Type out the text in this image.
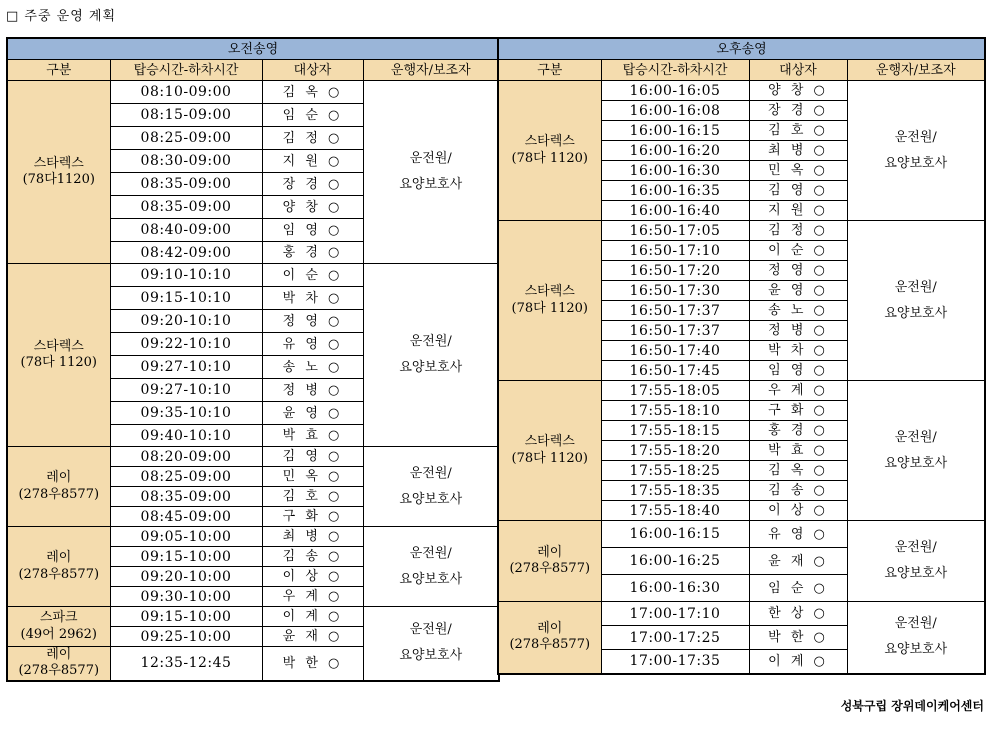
□ 주중 운영 계획
오전송영			
구분	탑승시간-하차시간	대상자	운행자/보조자

스타렉스
(78다1120)	08:10-09:00	김 옥 ○	운전원/
요양보호사

	08:15-09:00	임 순 ○	
	08:25-09:00	김 정 ○	
	08:30-09:00	지 원 ○	
	08:35-09:00	장 경 ○	
	08:35-09:00	양 창 ○	
	08:40-09:00	임 영 ○	
	08:42-09:00	홍 경 ○	

스타렉스
(78다 1120)	09:10-10:10	이 순 ○	운전원/
요양보호사

	09:15-10:10	박 차 ○	
	09:20-10:10	정 영 ○	
	09:22-10:10	유 영 ○	
	09:27-10:10	송 노 ○	
	09:27-10:10	정 병 ○	
	09:35-10:10	윤 영 ○	
	09:40-10:10	박 효 ○	

레이
(278우8577)	08:20-09:00	김 영 ○	운전원/
요양보호사

	08:25-09:00	민 옥 ○	
	08:35-09:00	김 호 ○	
	08:45-09:00	구 화 ○	

레이
(278우8577)	09:05-10:00	최 병 ○	운전원/
요양보호사

	09:15-10:00	김 송 ○	
	09:20-10:00	이 상 ○	
	09:30-10:00	우 계 ○	

스파크
(49어 2962)	09:15-10:00	이 계 ○	운전원/
요양보호사

	09:25-10:00	윤 재 ○	

레이
(278우8577)	12:35-12:45	박 한 ○	
오후송영			
구분	탑승시간-하차시간	대상자	운행자/보조자

스타렉스
(78다 1120)	16:00-16:05	양 창 ○	운전원/
요양보호사

	16:00-16:08	장 경 ○	
	16:00-16:15	김 호 ○	
	16:00-16:20	최 병 ○	
	16:00-16:30	민 옥 ○	
	16:00-16:35	김 영 ○	
	16:00-16:40	지 원 ○	

스타렉스
(78다 1120)	16:50-17:05	김 정 ○	운전원/
요양보호사

	16:50-17:10	이 순 ○	
	16:50-17:20	정 영 ○	
	16:50-17:30	윤 영 ○	
	16:50-17:37	송 노 ○	
	16:50-17:37	정 병 ○	
	16:50-17:40	박 차 ○	
	16:50-17:45	임 영 ○	

스타렉스
(78다 1120)	17:55-18:05	우 계 ○	운전원/
요양보호사

	17:55-18:10	구 화 ○	
	17:55-18:15	홍 경 ○	
	17:55-18:20	박 효 ○	
	17:55-18:25	김 옥 ○	
	17:55-18:35	김 송 ○	
	17:55-18:40	이 상 ○	

레이
(278우8577)	16:00-16:15	유 영 ○	운전원/
요양보호사

	16:00-16:25	윤 재 ○	
	16:00-16:30	임 순 ○	

레이
(278우8577)	17:00-17:10	한 상 ○	운전원/
요양보호사

	17:00-17:25	박 한 ○	
	17:00-17:35	이 계 ○	
성북구립 장위데이케어센터
